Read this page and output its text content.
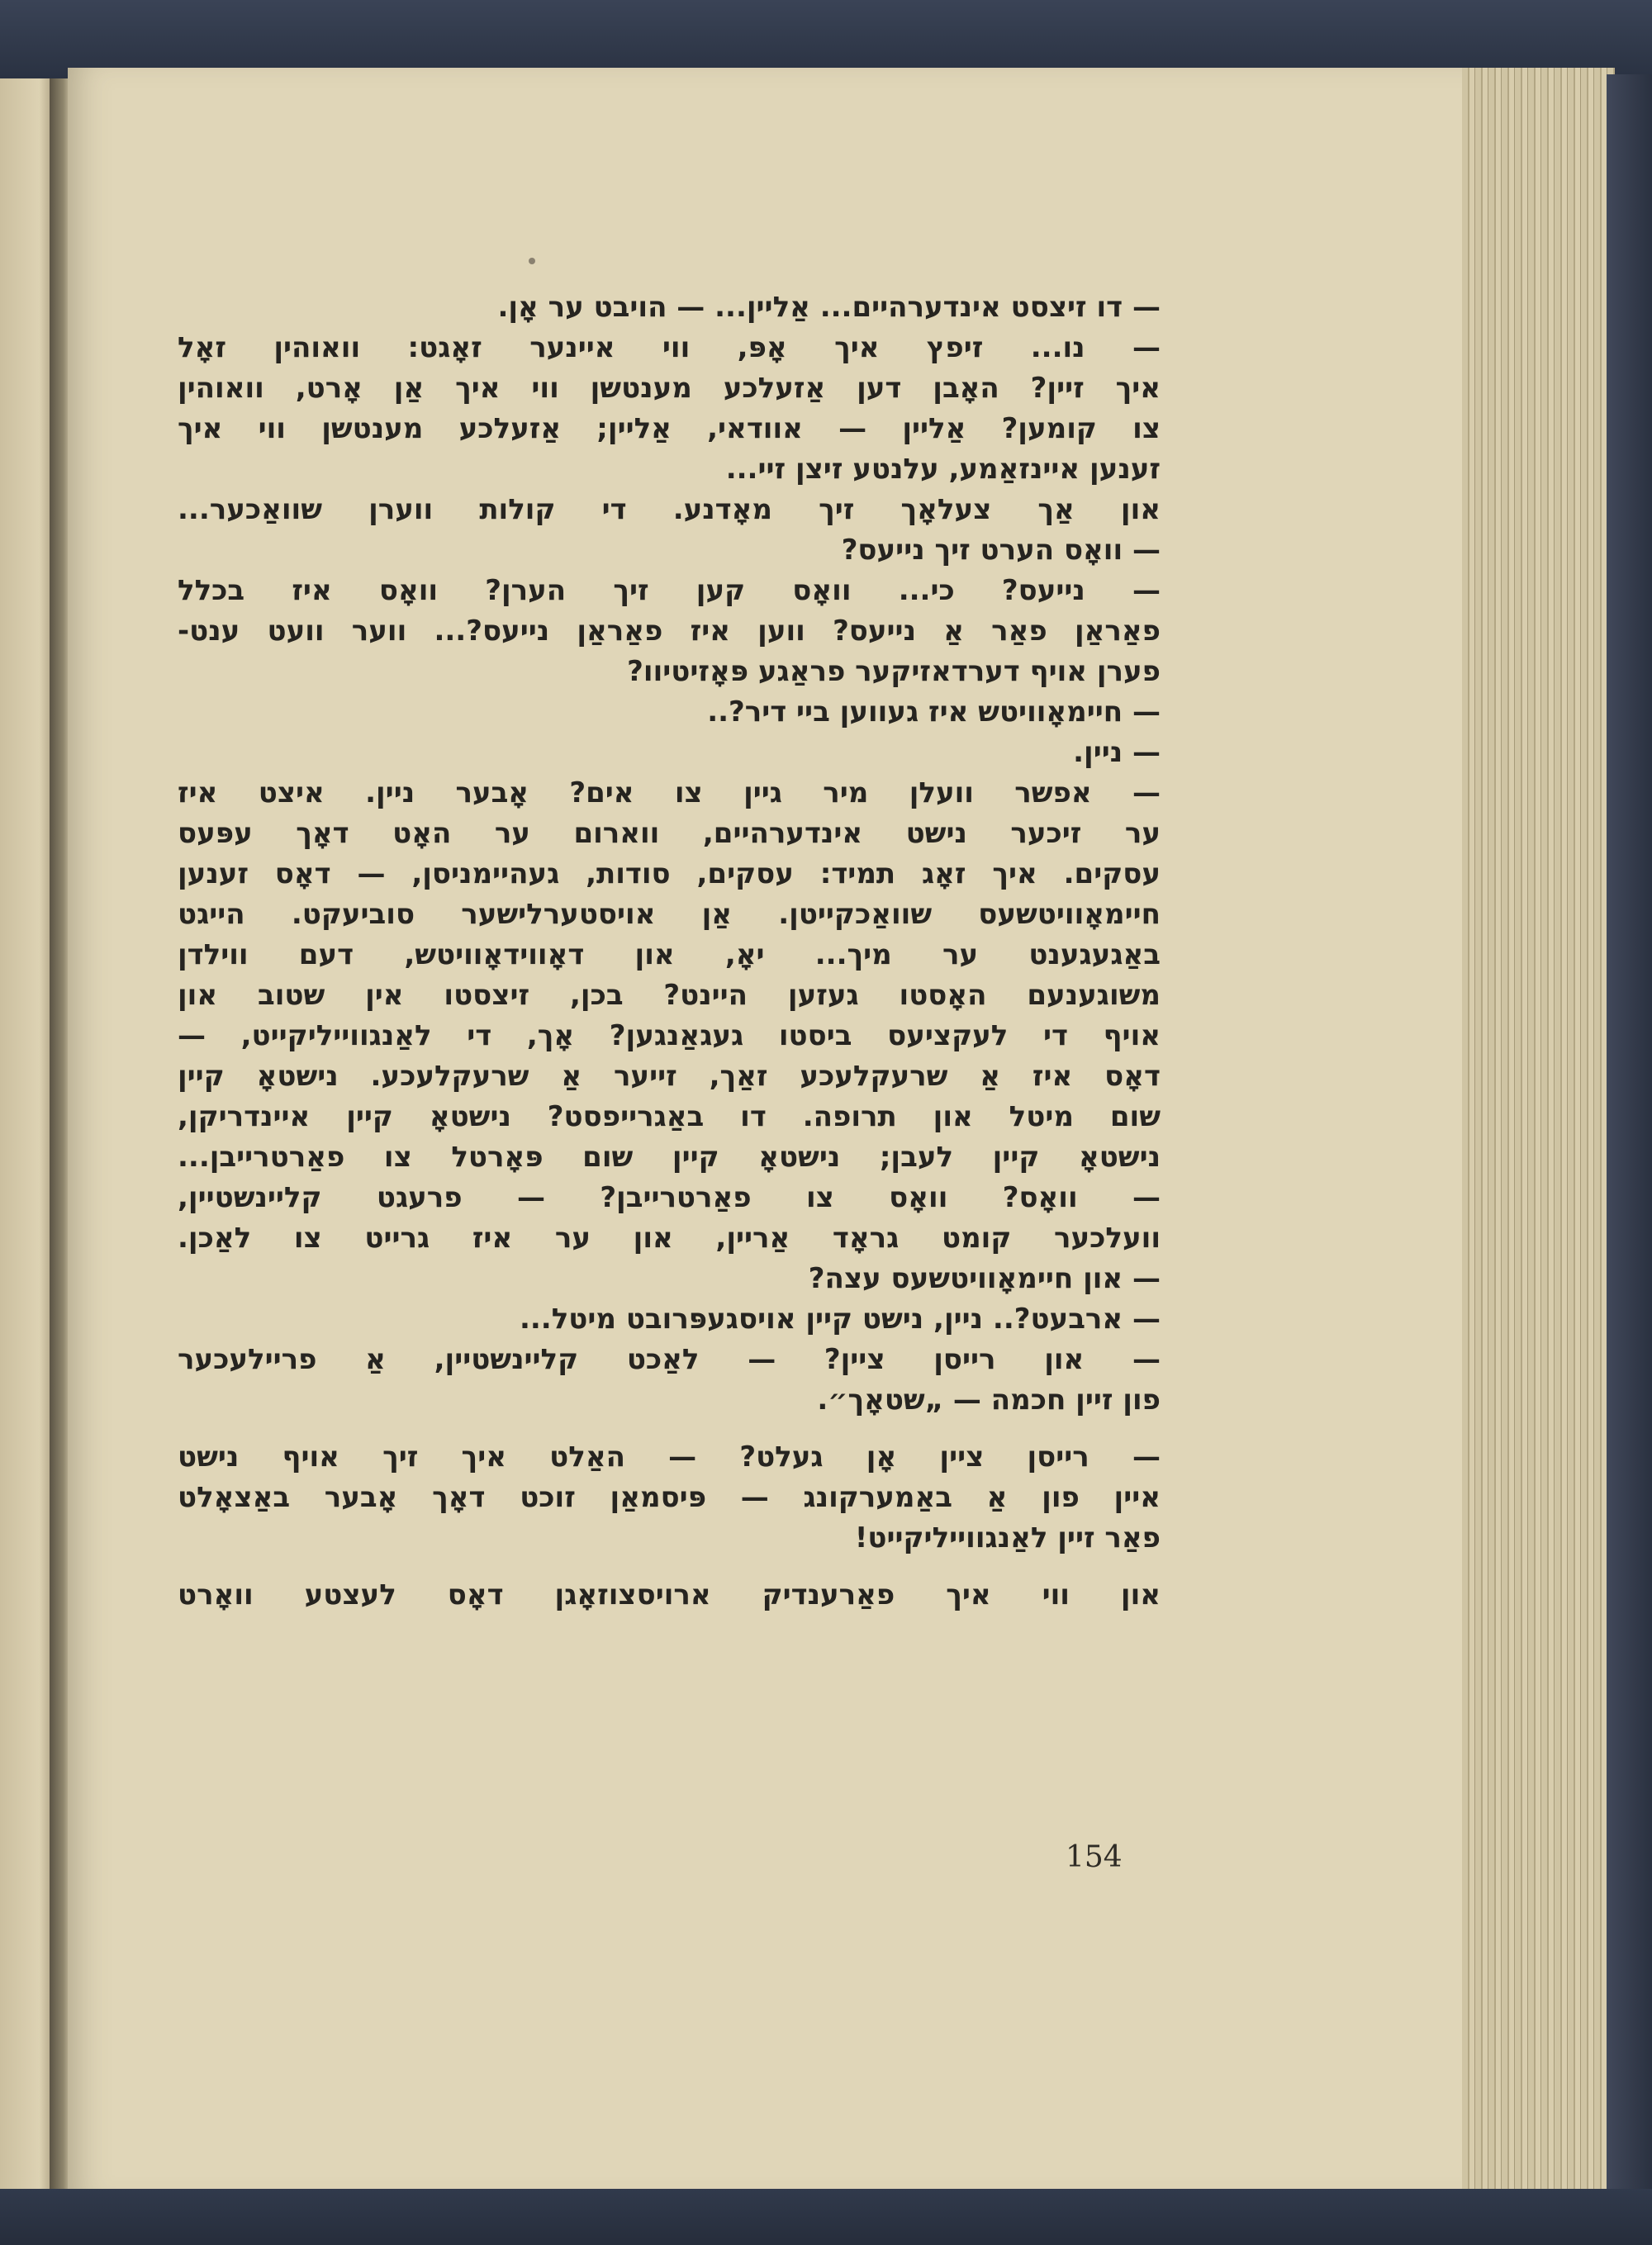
— דו זיצסט אינדערהיים... אַליין... — הויבט ער אָן.
— נו... זיפץ איך אָפּ, ווי איינער זאָגט: וואוהין זאָל
איך זיין? האָבן דען אַזעלכע מענטשן ווי איך אַן אָרט, וואוהין
צו קומען? אַליין — אוודאי, אַליין; אַזעלכע מענטשן ווי איך
זענען איינזאַמע, עלנטע זיצן זיי...
און אַך צעלאָך זיך מאָדנע. די קולות ווערן שוואַכער...
— וואָס הערט זיך נייעס?
— נייעס? כי... וואָס קען זיך הערן? וואָס איז בכלל
פאַראַן פאַר אַ נייעס? ווען איז פאַראַן נייעס?... ווער וועט ענט-
פערן אויף דערדאזיקער פראַגע פּאָזיטיוו?
— חיימאָוויטש איז געווען ביי דיר?..
— ניין.
— אפשר וועלן מיר גיין צו אים? אָבער ניין. איצט איז
ער זיכער נישט אינדערהיים, ווארום ער האָט דאָך עפּעס
עסקים. איך זאָג תמיד: עסקים, סודות, געהיימניסן, — דאָס זענען
חיימאָוויטשעס שוואַכקייטן. אַן אויסטערלישער סוביעקט. הייגט
באַגעגענט ער מיך... יאָ, און דאָווידאָוויטש, דעם ווילדן
משוגענעם האָסטו געזען היינט? בכן, זיצסטו אין שטוב און
אויף די לעקציעס ביסטו געגאַנגען? אָך, די לאַנגווייליקייט, —
דאָס איז אַ שרעקלעכע זאַך, זייער אַ שרעקלעכע. נישטאָ קיין
שום מיטל און תרופה. דו באַגרייפסט? נישטאָ קיין איינדריקן,
נישטאָ קיין לעבן; נישטאָ קיין שום פּאָרטל צו פאַרטרייבן...
— וואָס? וואָס צו פאַרטרייבן? — פרעגט קליינשטיין,
וועלכער קומט גראָד אַריין, און ער איז גרייט צו לאַכן.
— און חיימאָוויטשעס עצה?
— ארבעט?.. ניין, נישט קיין אויסגעפּרובט מיטל...
— און רייסן ציין? — לאַכט קליינשטיין, אַ פריילעכער
פון זיין חכמה — „שטאָך״.
— רייסן ציין אָן געלט? — האַלט איך זיך אויף נישט
איין פון אַ באַמערקונג — פּיסמאַן זוכט דאָך אָבער באַצאָלט
פאַר זיין לאַנגווייליקייט!
און ווי איך פאַרענדיק ארויסצוזאָגן דאָס לעצטע וואָרט
154
